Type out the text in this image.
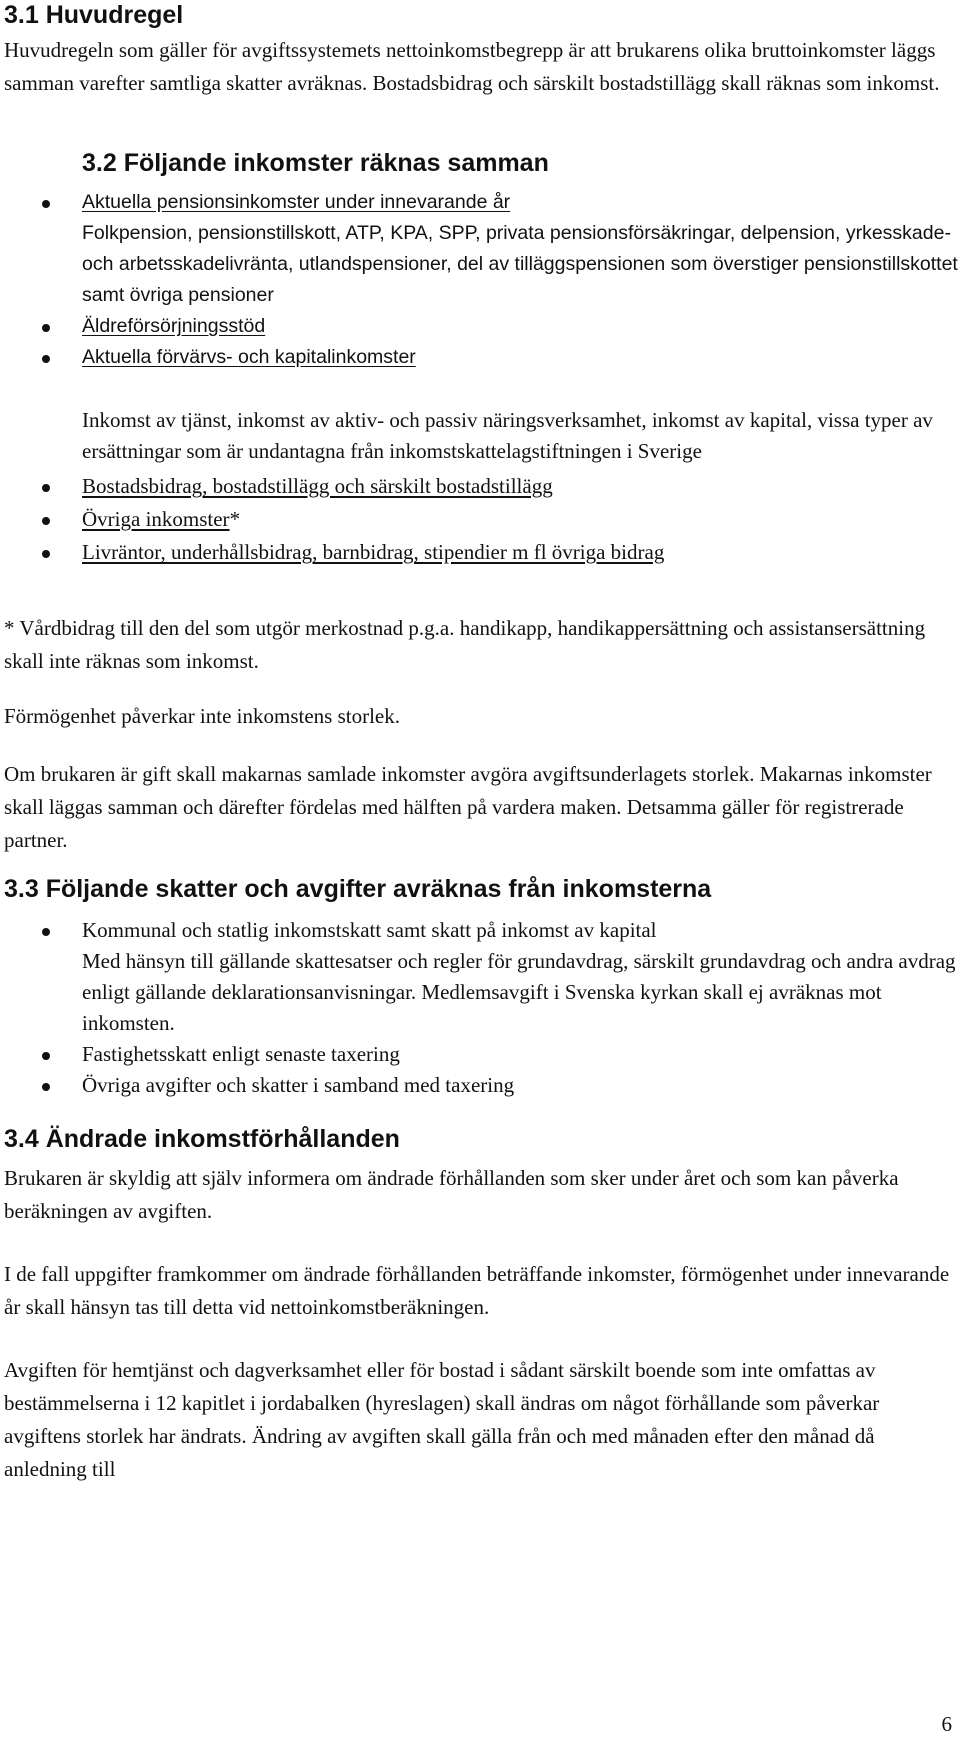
3.1 Huvudregel

Huvudregeln som gäller för avgiftssystemets nettoinkomstbegrepp är att brukarens olika bruttoinkomster läggs samman varefter samtliga skatter avräknas. Bostadsbidrag och särskilt bostadstillägg skall räknas som inkomst.

3.2 Följande inkomster räknas samman
Aktuella pensionsinkomster under innevarande år
Folkpension, pensionstillskott, ATP, KPA, SPP, privata pensionsförsäkringar, delpension, yrkesskade- och arbetsskadelivränta, utlandspensioner, del av tilläggspensionen som överstiger pensionstillskottet samt övriga pensioner
Äldreförsörjningsstöd
Aktuella förvärvs- och kapitalinkomster
Inkomst av tjänst, inkomst av aktiv- och passiv näringsverksamhet, inkomst av kapital, vissa typer av ersättningar som är undantagna från inkomstskattelagstiftningen i Sverige
Bostadsbidrag, bostadstillägg och särskilt bostadstillägg
Övriga inkomster*
Livräntor, underhållsbidrag, barnbidrag, stipendier m fl övriga bidrag

* Vårdbidrag till den del som utgör merkostnad p.g.a. handikapp, handikappersättning och assistansersättning skall inte räknas som inkomst.

Förmögenhet påverkar inte inkomstens storlek.

Om brukaren är gift skall makarnas samlade inkomster avgöra avgiftsunderlagets storlek. Makarnas inkomster skall läggas samman och därefter fördelas med hälften på vardera maken. Detsamma gäller för registrerade partner.

3.3 Följande skatter och avgifter avräknas från inkomsterna
Kommunal och statlig inkomstskatt samt skatt på inkomst av kapital
Med hänsyn till gällande skattesatser och regler för grundavdrag, särskilt grundavdrag och andra avdrag enligt gällande deklarationsanvisningar. Medlemsavgift i Svenska kyrkan skall ej avräknas mot inkomsten.
Fastighetsskatt enligt senaste taxering
Övriga avgifter och skatter i samband med taxering
3.4 Ändrade inkomstförhållanden

Brukaren är skyldig att själv informera om ändrade förhållanden som sker under året och som kan påverka beräkningen av avgiften.

I de fall uppgifter framkommer om ändrade förhållanden beträffande inkomster, förmögenhet under innevarande år skall hänsyn tas till detta vid nettoinkomstberäkningen.

Avgiften för hemtjänst och dagverksamhet eller för bostad i sådant särskilt boende som inte omfattas av bestämmelserna i 12 kapitlet i jordabalken (hyreslagen) skall ändras om något förhållande som påverkar avgiftens storlek har ändrats. Ändring av avgiften skall gälla från och med månaden efter den månad då anledning till

6
